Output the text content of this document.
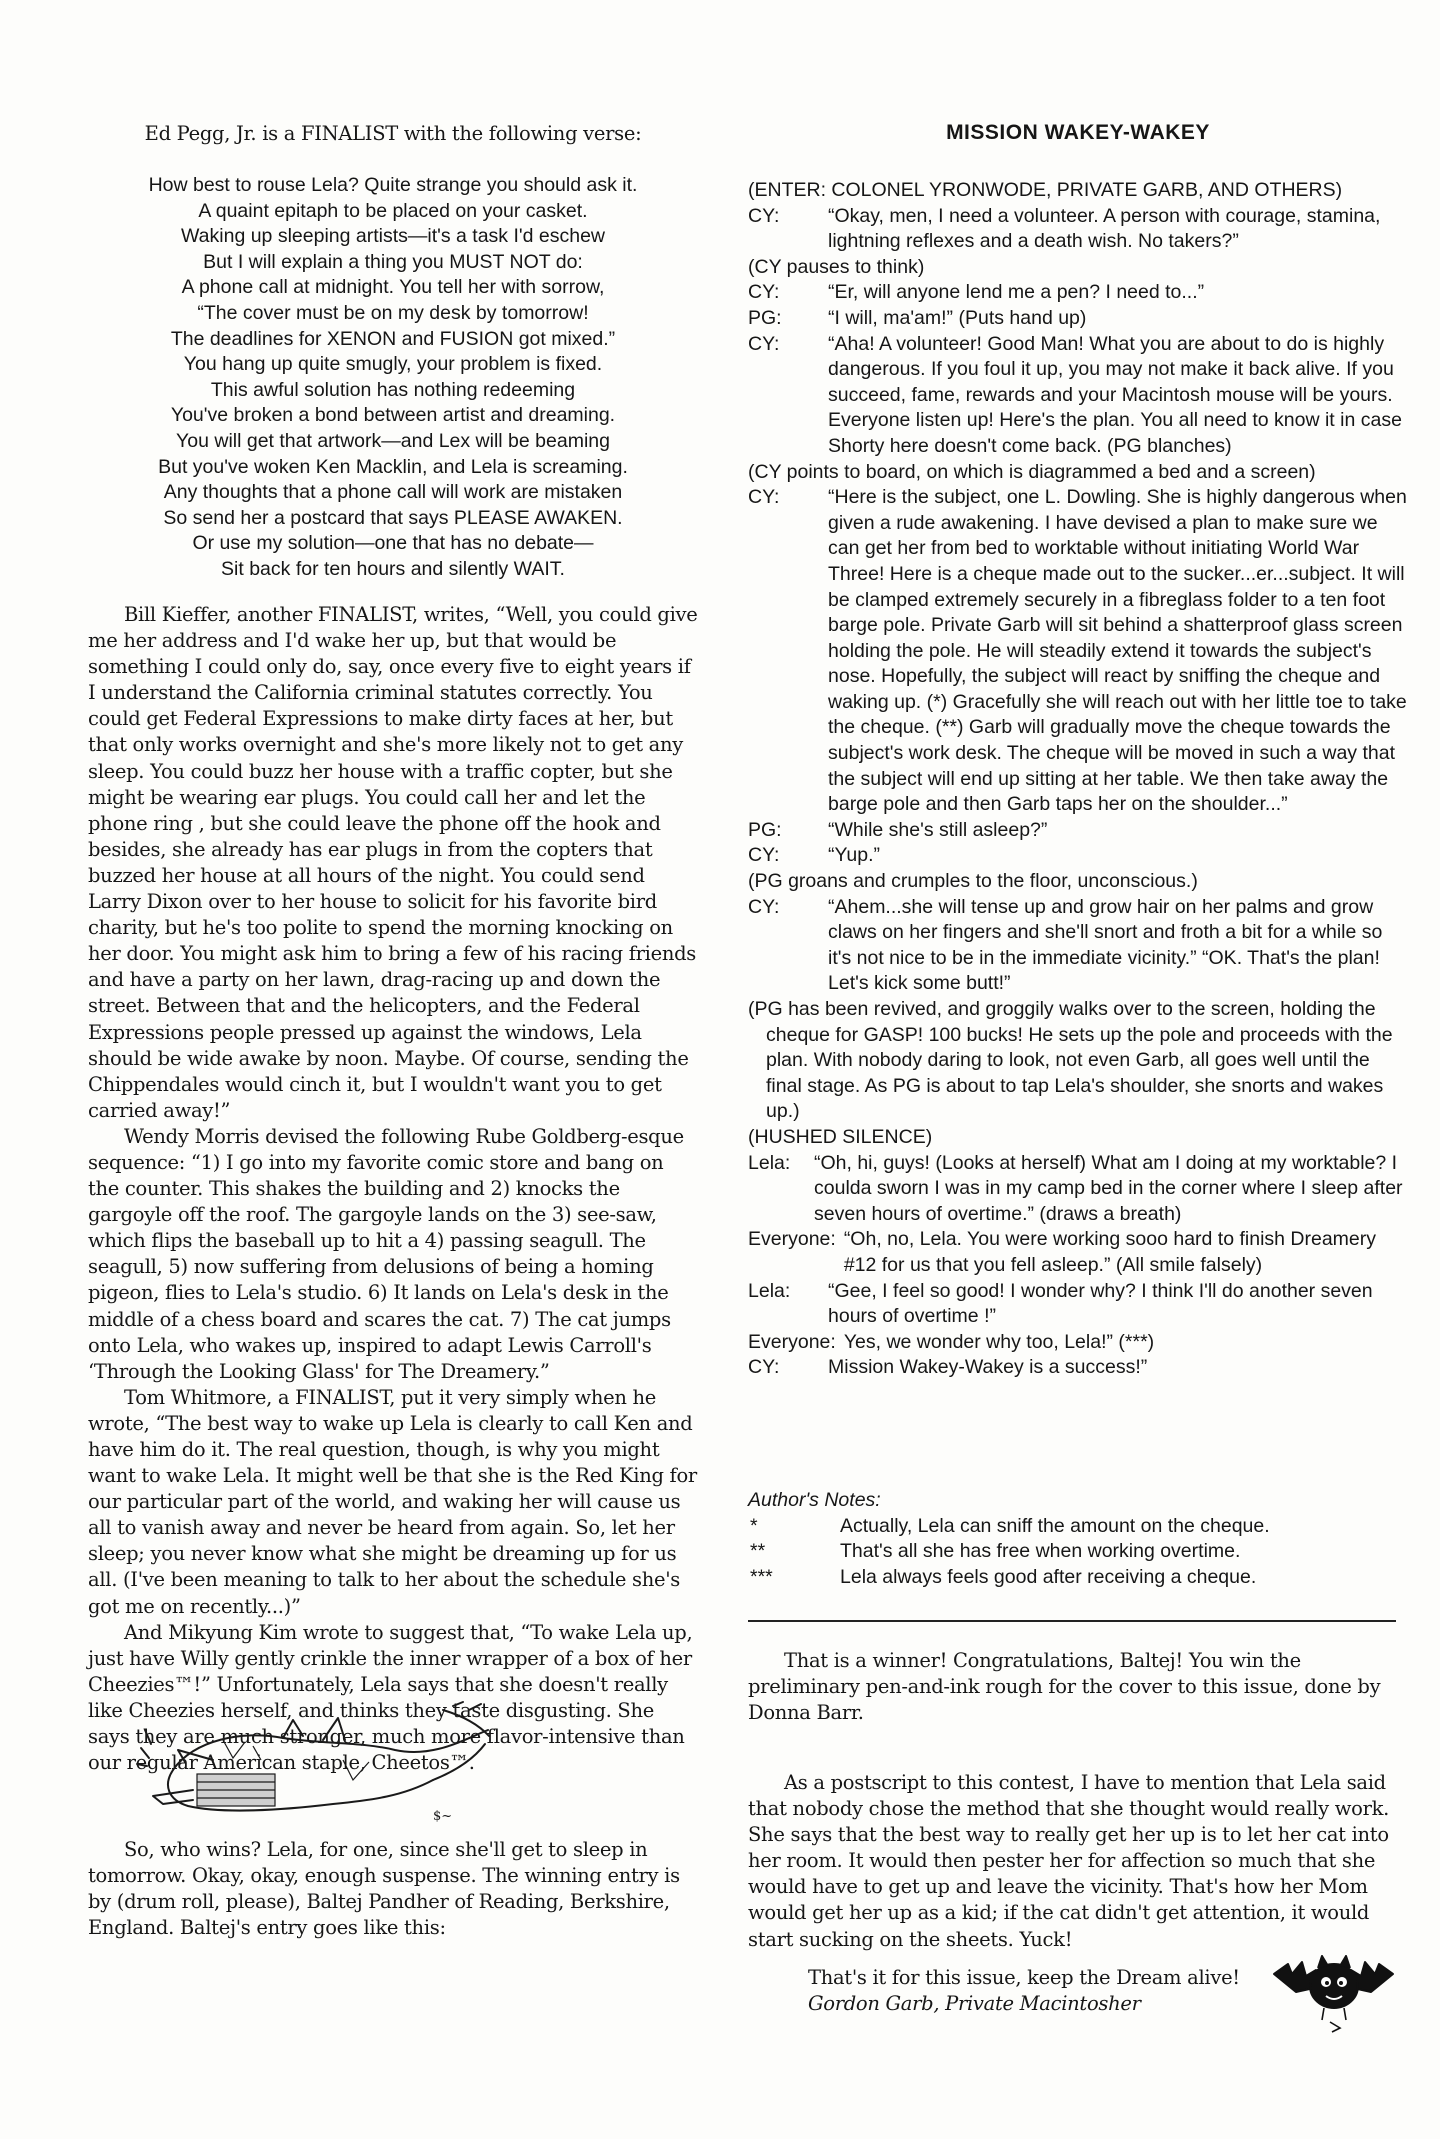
Ed Pegg, Jr. is a FINALIST with the following verse:
How best to rouse Lela? Quite strange you should ask it.
A quaint epitaph to be placed on your casket.
Waking up sleeping artists—it's a task I'd eschew
But I will explain a thing you MUST NOT do:
A phone call at midnight. You tell her with sorrow,
“The cover must be on my desk by tomorrow!
The deadlines for XENON and FUSION got mixed.”
You hang up quite smugly, your problem is fixed.
This awful solution has nothing redeeming
You've broken a bond between artist and dreaming.
You will get that artwork—and Lex will be beaming
But you've woken Ken Macklin, and Lela is screaming.
Any thoughts that a phone call will work are mistaken
So send her a postcard that says PLEASE AWAKEN.
Or use my solution—one that has no debate—
Sit back for ten hours and silently WAIT.

Bill Kieffer, another FINALIST, writes, “Well, you could give me her address and I'd wake her up, but that would be something I could only do, say, once every five to eight years if I understand the California criminal statutes correctly. You could get Federal Expressions to make dirty faces at her, but that only works overnight and she's more likely not to get any sleep. You could buzz her house with a traffic copter, but she might be wearing ear plugs. You could call her and let the phone ring , but she could leave the phone off the hook and besides, she already has ear plugs in from the copters that buzzed her house at all hours of the night. You could send Larry Dixon over to her house to solicit for his favorite bird charity, but he's too polite to spend the morning knocking on her door. You might ask him to bring a few of his racing friends and have a party on her lawn, drag-racing up and down the street. Between that and the helicopters, and the Federal Expressions people pressed up against the windows, Lela should be wide awake by noon. Maybe. Of course, sending the Chippendales would cinch it, but I wouldn't want you to get carried away!”

Wendy Morris devised the following Rube Goldberg-esque sequence: “1) I go into my favorite comic store and bang on the counter. This shakes the building and 2) knocks the gargoyle off the roof. The gargoyle lands on the 3) see-saw, which flips the baseball up to hit a 4) passing seagull. The seagull, 5) now suffering from delusions of being a homing pigeon, flies to Lela's studio. 6) It lands on Lela's desk in the middle of a chess board and scares the cat. 7) The cat jumps onto Lela, who wakes up, inspired to adapt Lewis Carroll's ‘Through the Looking Glass' for The Dreamery.”

Tom Whitmore, a FINALIST, put it very simply when he wrote, “The best way to wake up Lela is clearly to call Ken and have him do it. The real question, though, is why you might want to wake Lela. It might well be that she is the Red King for our particular part of the world, and waking her will cause us all to vanish away and never be heard from again. So, let her sleep; you never know what she might be dreaming up for us all. (I've been meaning to talk to her about the schedule she's got me on recently...)”

And Mikyung Kim wrote to suggest that, “To wake Lela up, just have Willy gently crinkle the inner wrapper of a box of her Cheezies™!” Unfortunately, Lela says that she doesn't really like Cheezies herself, and thinks they taste disgusting. She says they are much stronger, much more flavor-intensive than our regular American staple, Cheetos™.

$~

So, who wins? Lela, for one, since she'll get to sleep in tomorrow. Okay, okay, enough suspense. The winning entry is by (drum roll, please), Baltej Pandher of Reading, Berkshire, England. Baltej's entry goes like this:

MISSION WAKEY-WAKEY
(ENTER: COLONEL YRONWODE, PRIVATE GARB, AND OTHERS)
CY:	“Okay, men, I need a volunteer. A person with courage, stamina, lightning reflexes and a death wish. No takers?”
(CY pauses to think)
CY:	“Er, will anyone lend me a pen? I need to...”
PG:	“I will, ma'am!” (Puts hand up)
CY:	“Aha! A volunteer! Good Man! What you are about to do is highly dangerous. If you foul it up, you may not make it back alive. If you succeed, fame, rewards and your Macintosh mouse will be yours. Everyone listen up! Here's the plan. You all need to know it in case Shorty here doesn't come back. (PG blanches)
(CY points to board, on which is diagrammed a bed and a screen)
CY:	“Here is the subject, one L. Dowling. She is highly dangerous when given a rude awakening. I have devised a plan to make sure we can get her from bed to worktable without initiating World War Three! Here is a cheque made out to the sucker...er...subject. It will be clamped extremely securely in a fibreglass folder to a ten foot barge pole. Private Garb will sit behind a shatterproof glass screen holding the pole. He will steadily extend it towards the subject's nose. Hopefully, the subject will react by sniffing the cheque and waking up. (*) Gracefully she will reach out with her little toe to take the cheque. (**) Garb will gradually move the cheque towards the subject's work desk. The cheque will be moved in such a way that the subject will end up sitting at her table. We then take away the barge pole and then Garb taps her on the shoulder...”
PG:	“While she's still asleep?”
CY:	“Yup.”
(PG groans and crumples to the floor, unconscious.)
CY:	“Ahem...she will tense up and grow hair on her palms and grow claws on her fingers and she'll snort and froth a bit for a while so it's not nice to be in the immediate vicinity.” “OK. That's the plan! Let's kick some butt!”
(PG has been revived, and groggily walks over to the screen, holding the cheque for GASP! 100 bucks! He sets up the pole and proceeds with the plan. With nobody daring to look, not even Garb, all goes well until the final stage. As PG is about to tap Lela's shoulder, she snorts and wakes up.)
(HUSHED SILENCE)
Lela:	“Oh, hi, guys! (Looks at herself) What am I doing at my worktable? I coulda sworn I was in my camp bed in the corner where I sleep after seven hours of overtime.” (draws a breath)
Everyone: “Oh, no, Lela. You were working sooo hard to finish Dreamery #12 for us that you fell asleep.” (All smile falsely)
Lela:	“Gee, I feel so good! I wonder why? I think I'll do another seven hours of overtime !”
Everyone: Yes, we wonder why too, Lela!” (***)
CY:	Mission Wakey-Wakey is a success!”

Author's Notes:

*	Actually, Lela can sniff the amount on the cheque.
**	That's all she has free when working overtime.
***	Lela always feels good after receiving a cheque.

That is a winner! Congratulations, Baltej! You win the preliminary pen-and-ink rough for the cover to this issue, done by Donna Barr.

As a postscript to this contest, I have to mention that Lela said that nobody chose the method that she thought would really work. She says that the best way to really get her up is to let her cat into her room. It would then pester her for affection so much that she would have to get up and leave the vicinity. That's how her Mom would get her up as a kid; if the cat didn't get attention, it would start sucking on the sheets. Yuck!

That's it for this issue, keep the Dream alive!
Gordon Garb, Private Macintosher
